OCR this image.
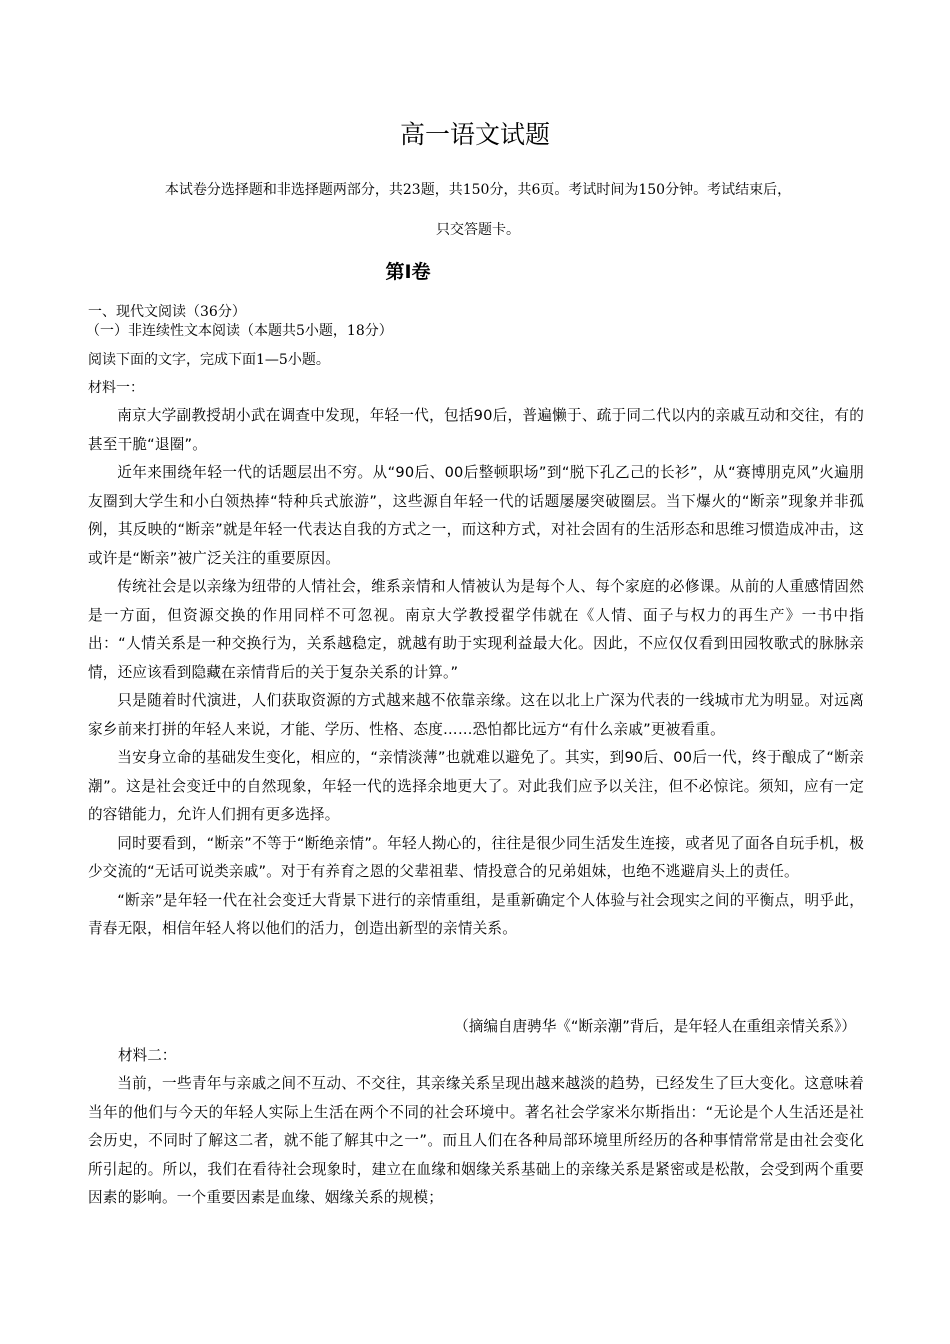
高一语文试题
本试卷分选择题和非选择题两部分，共23题，共150分，共6页。考试时间为150分钟。考试结束后，
只交答题卡。
第Ⅰ卷
一、现代文阅读（36分）
（一）非连续性文本阅读（本题共5小题，18分）
阅读下面的文字，完成下面1—5小题。
材料一：

南京大学副教授胡小武在调查中发现，年轻一代，包括90后，普遍懒于、疏于同二代以内的亲戚互动和交往，有的甚至干脆“退圈”。

近年来围绕年轻一代的话题层出不穷。从“90后、00后整顿职场”到“脱下孔乙己的长衫”，从“赛博朋克风”火遍朋友圈到大学生和小白领热捧“特种兵式旅游”，这些源自年轻一代的话题屡屡突破圈层。当下爆火的“断亲”现象并非孤例，其反映的“断亲”就是年轻一代表达自我的方式之一，而这种方式，对社会固有的生活形态和思维习惯造成冲击，这或许是“断亲”被广泛关注的重要原因。

传统社会是以亲缘为纽带的人情社会，维系亲情和人情被认为是每个人、每个家庭的必修课。从前的人重感情固然是一方面，但资源交换的作用同样不可忽视。南京大学教授翟学伟就在《人情、面子与权力的再生产》一书中指出：“人情关系是一种交换行为，关系越稳定，就越有助于实现利益最大化。因此，不应仅仅看到田园牧歌式的脉脉亲情，还应该看到隐藏在亲情背后的关于复杂关系的计算。”

只是随着时代演进，人们获取资源的方式越来越不依靠亲缘。这在以北上广深为代表的一线城市尤为明显。对远离家乡前来打拼的年轻人来说，才能、学历、性格、态度……恐怕都比远方“有什么亲戚”更被看重。

当安身立命的基础发生变化，相应的，“亲情淡薄”也就难以避免了。其实，到90后、00后一代，终于酿成了“断亲潮”。这是社会变迁中的自然现象，年轻一代的选择余地更大了。对此我们应予以关注，但不必惊诧。须知，应有一定的容错能力，允许人们拥有更多选择。

同时要看到，“断亲”不等于“断绝亲情”。年轻人拗心的，往往是很少同生活发生连接，或者见了面各自玩手机，极少交流的“无话可说类亲戚”。对于有养育之恩的父辈祖辈、情投意合的兄弟姐妹，也绝不逃避肩头上的责任。

“断亲”是年轻一代在社会变迁大背景下进行的亲情重组，是重新确定个人体验与社会现实之间的平衡点，明乎此，青春无限，相信年轻人将以他们的活力，创造出新型的亲情关系。

（摘编自唐骋华《“断亲潮”背后，是年轻人在重组亲情关系》）
材料二：

当前，一些青年与亲戚之间不互动、不交往，其亲缘关系呈现出越来越淡的趋势，已经发生了巨大变化。这意味着当年的他们与今天的年轻人实际上生活在两个不同的社会环境中。著名社会学家米尔斯指出：“无论是个人生活还是社会历史，不同时了解这二者，就不能了解其中之一”。而且人们在各种局部环境里所经历的各种事情常常是由社会变化所引起的。所以，我们在看待社会现象时，建立在血缘和姻缘关系基础上的亲缘关系是紧密或是松散，会受到两个重要因素的影响。一个重要因素是血缘、姻缘关系的规模；
